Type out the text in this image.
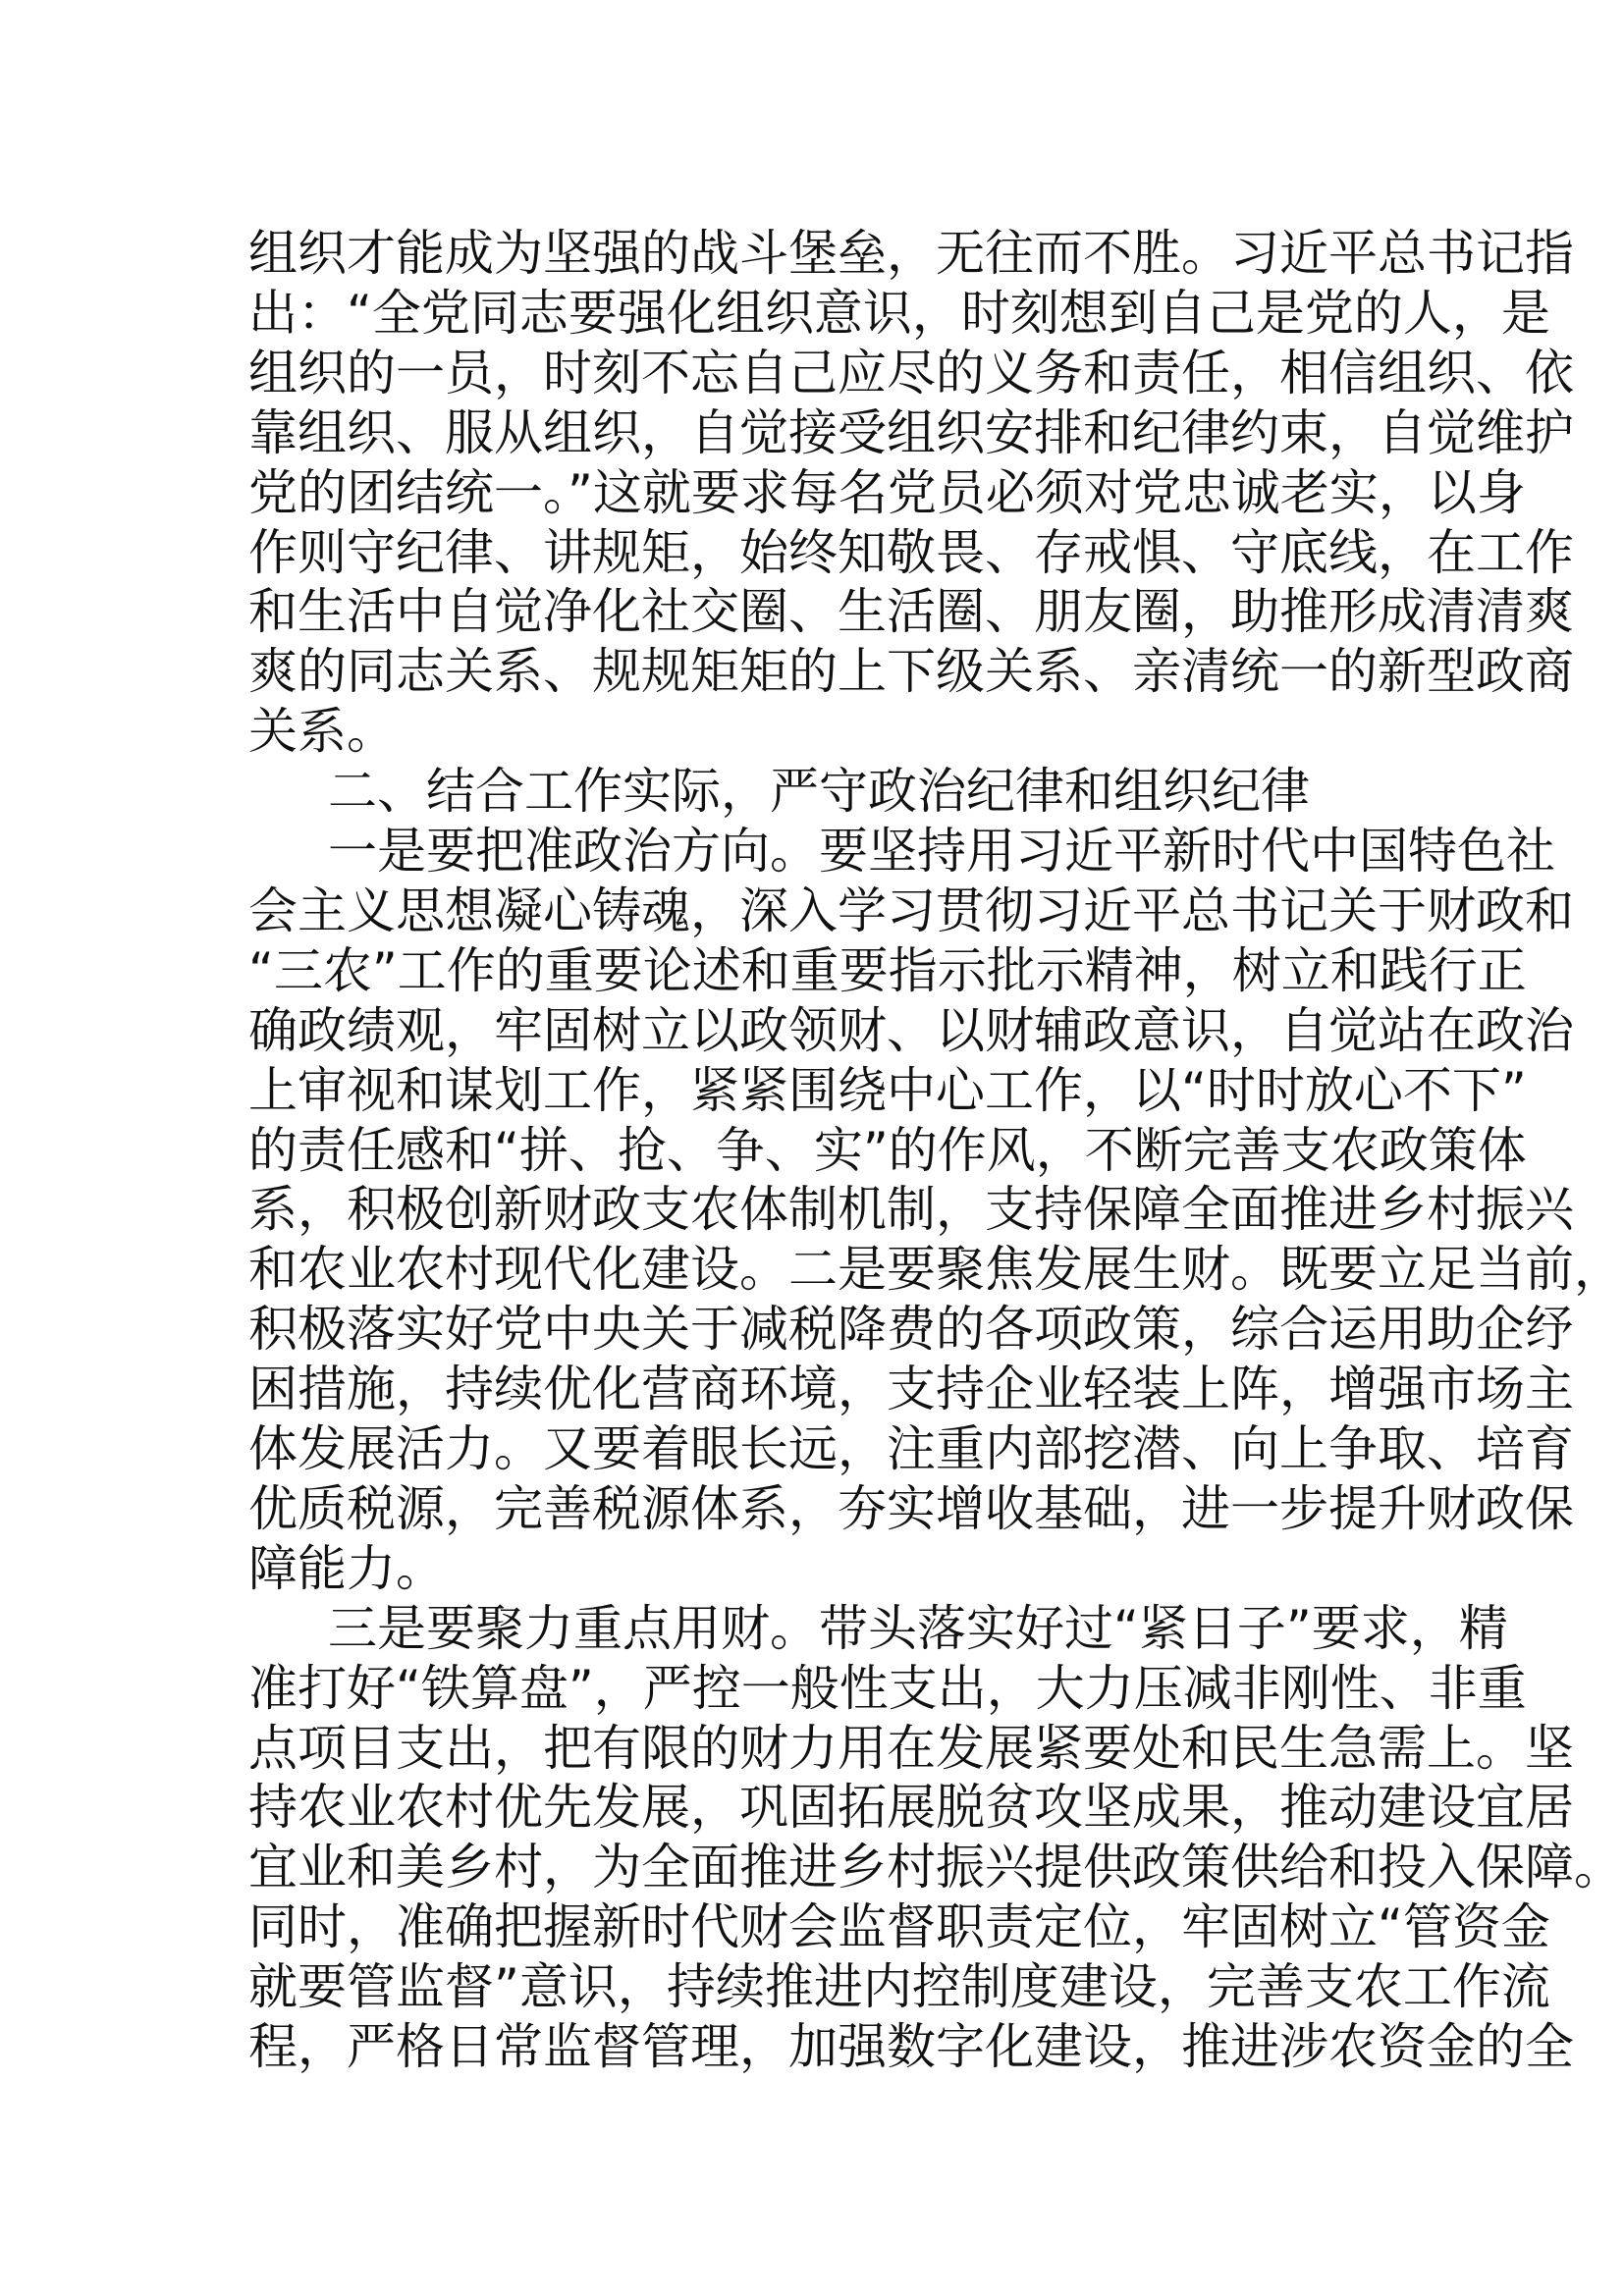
组织才能成为坚强的战斗堡垒，无往而不胜。习近平总书记指
出：“全党同志要强化组织意识，时刻想到自己是党的人，是
组织的一员，时刻不忘自己应尽的义务和责任，相信组织、依
靠组织、服从组织，自觉接受组织安排和纪律约束，自觉维护
党的团结统一。”这就要求每名党员必须对党忠诚老实，以身
作则守纪律、讲规矩，始终知敬畏、存戒惧、守底线，在工作
和生活中自觉净化社交圈、生活圈、朋友圈，助推形成清清爽
爽的同志关系、规规矩矩的上下级关系、亲清统一的新型政商
关系。
二、结合工作实际，严守政治纪律和组织纪律
一是要把准政治方向。要坚持用习近平新时代中国特色社
会主义思想凝心铸魂，深入学习贯彻习近平总书记关于财政和
“三农”工作的重要论述和重要指示批示精神，树立和践行正
确政绩观，牢固树立以政领财、以财辅政意识，自觉站在政治
上审视和谋划工作，紧紧围绕中心工作，以“时时放心不下”
的责任感和“拼、抢、争、实”的作风，不断完善支农政策体
系，积极创新财政支农体制机制，支持保障全面推进乡村振兴
和农业农村现代化建设。二是要聚焦发展生财。既要立足当前，
积极落实好党中央关于减税降费的各项政策，综合运用助企纾
困措施，持续优化营商环境，支持企业轻装上阵，增强市场主
体发展活力。又要着眼长远，注重内部挖潜、向上争取、培育
优质税源，完善税源体系，夯实增收基础，进一步提升财政保
障能力。
三是要聚力重点用财。带头落实好过“紧日子”要求，精
准打好“铁算盘”，严控一般性支出，大力压减非刚性、非重
点项目支出，把有限的财力用在发展紧要处和民生急需上。坚
持农业农村优先发展，巩固拓展脱贫攻坚成果，推动建设宜居
宜业和美乡村，为全面推进乡村振兴提供政策供给和投入保障。
同时，准确把握新时代财会监督职责定位，牢固树立“管资金
就要管监督”意识，持续推进内控制度建设，完善支农工作流
程，严格日常监督管理，加强数字化建设，推进涉农资金的全
